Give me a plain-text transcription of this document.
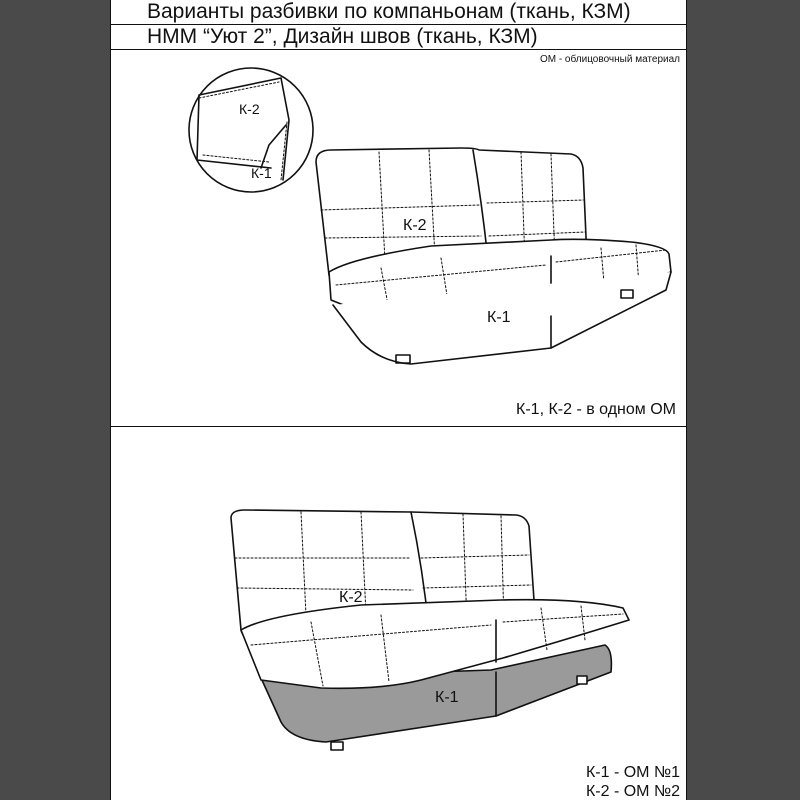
Варианты разбивки по компаньонам (ткань, КЗМ)
НММ “Уют 2”, Дизайн швов (ткань, КЗМ)
ОМ - облицовочный материал
К-2
К-1
К-2
К-1
К-1, К-2 - в одном ОМ
К-2
К-1
К-1 - ОМ №1
К-2 - ОМ №2
